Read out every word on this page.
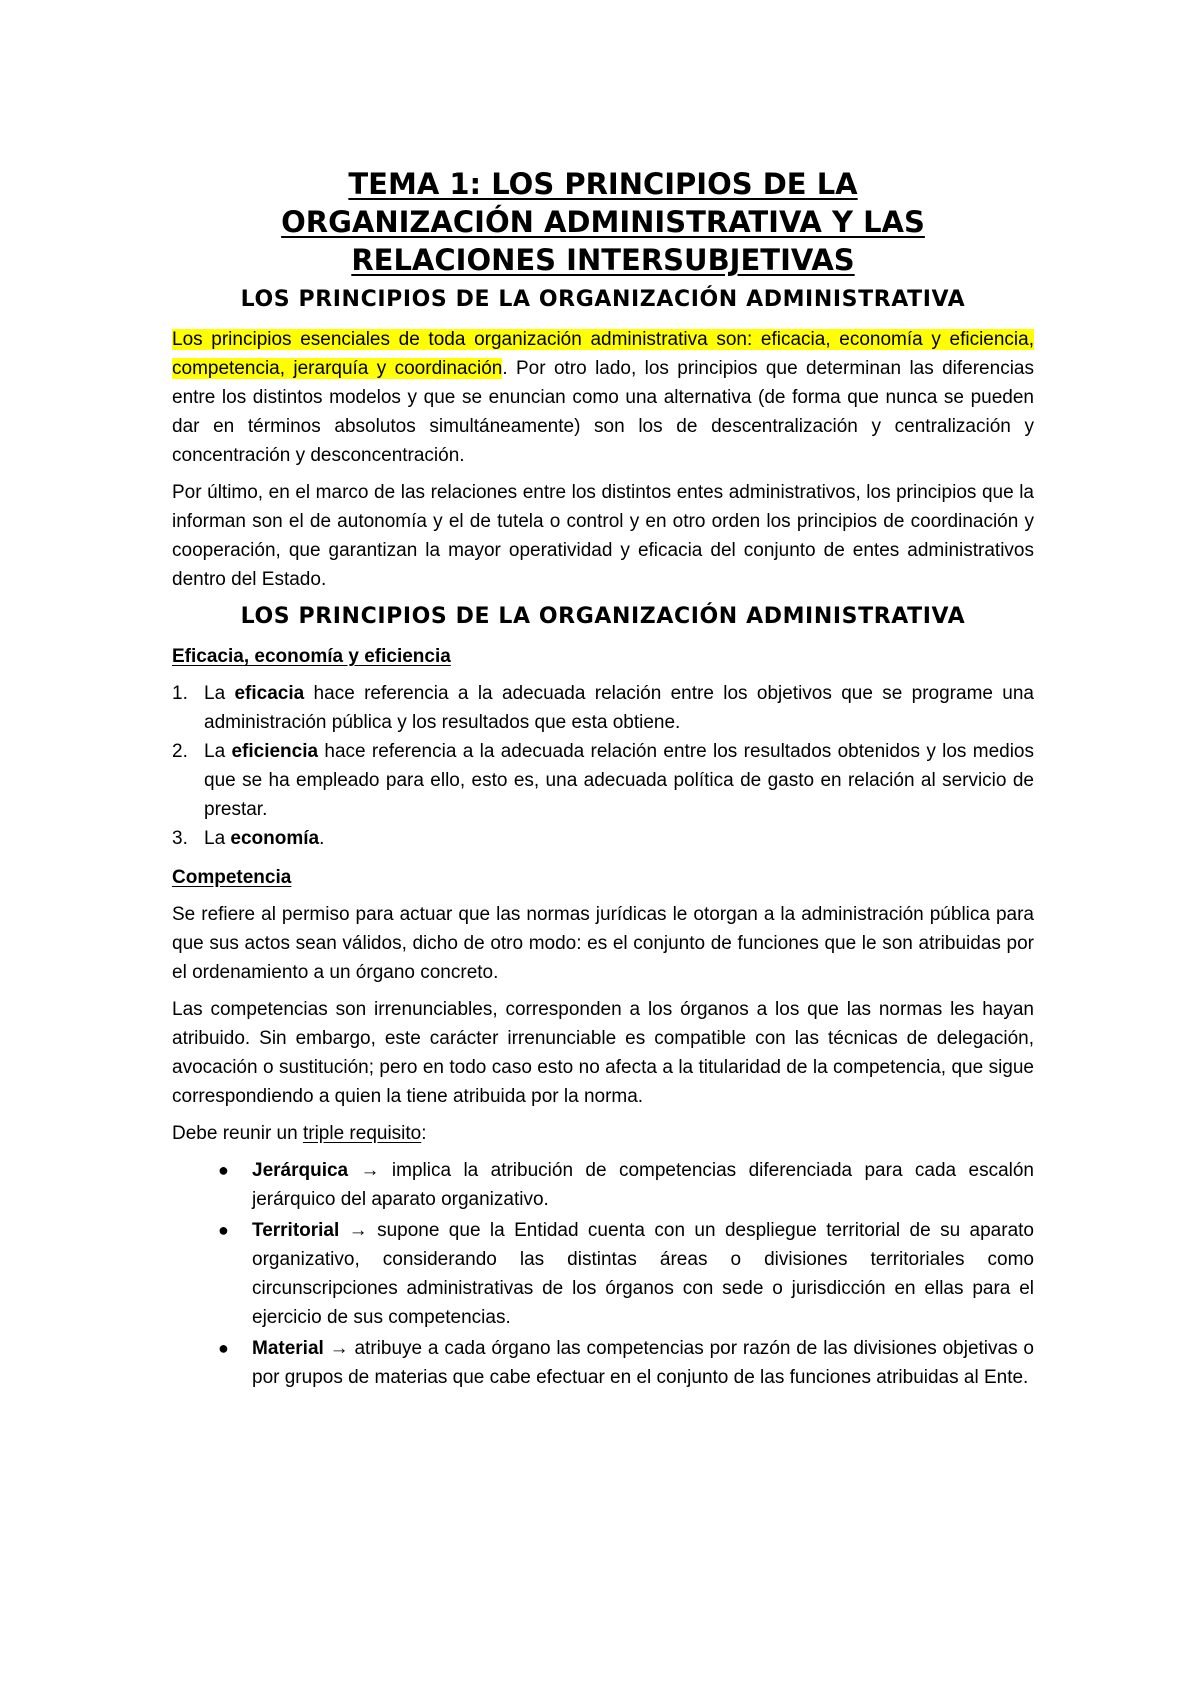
TEMA 1: LOS PRINCIPIOS DE LA
ORGANIZACIÓN ADMINISTRATIVA Y LAS
RELACIONES INTERSUBJETIVAS
LOS PRINCIPIOS DE LA ORGANIZACIÓN ADMINISTRATIVA

Los principios esenciales de toda organización administrativa son: eficacia, economía y eficiencia, competencia, jerarquía y coordinación. Por otro lado, los principios que determinan las diferencias entre los distintos modelos y que se enuncian como una alternativa (de forma que nunca se pueden dar en términos absolutos simultáneamente) son los de descentralización y centralización y concentración y desconcentración.

Por último, en el marco de las relaciones entre los distintos entes administrativos, los principios que la informan son el de autonomía y el de tutela o control y en otro orden los principios de coordinación y cooperación, que garantizan la mayor operatividad y eficacia del conjunto de entes administrativos dentro del Estado.

LOS PRINCIPIOS DE LA ORGANIZACIÓN ADMINISTRATIVA
Eficacia, economía y eficiencia
1. La eficacia hace referencia a la adecuada relación entre los objetivos que se programe una administración pública y los resultados que esta obtiene.
2. La eficiencia hace referencia a la adecuada relación entre los resultados obtenidos y los medios que se ha empleado para ello, esto es, una adecuada política de gasto en relación al servicio de prestar.
3. La economía.
Competencia

Se refiere al permiso para actuar que las normas jurídicas le otorgan a la administración pública para que sus actos sean válidos, dicho de otro modo: es el conjunto de funciones que le son atribuidas por el ordenamiento a un órgano concreto.

Las competencias son irrenunciables, corresponden a los órganos a los que las normas les hayan atribuido. Sin embargo, este carácter irrenunciable es compatible con las técnicas de delegación, avocación o sustitución; pero en todo caso esto no afecta a la titularidad de la competencia, que sigue correspondiendo a quien la tiene atribuida por la norma.

Debe reunir un triple requisito:

● Jerárquica → implica la atribución de competencias diferenciada para cada escalón jerárquico del aparato organizativo.
● Territorial → supone que la Entidad cuenta con un despliegue territorial de su aparato organizativo, considerando las distintas áreas o divisiones territoriales como circunscripciones administrativas de los órganos con sede o jurisdicción en ellas para el ejercicio de sus competencias.
● Material → atribuye a cada órgano las competencias por razón de las divisiones objetivas o por grupos de materias que cabe efectuar en el conjunto de las funciones atribuidas al Ente.
